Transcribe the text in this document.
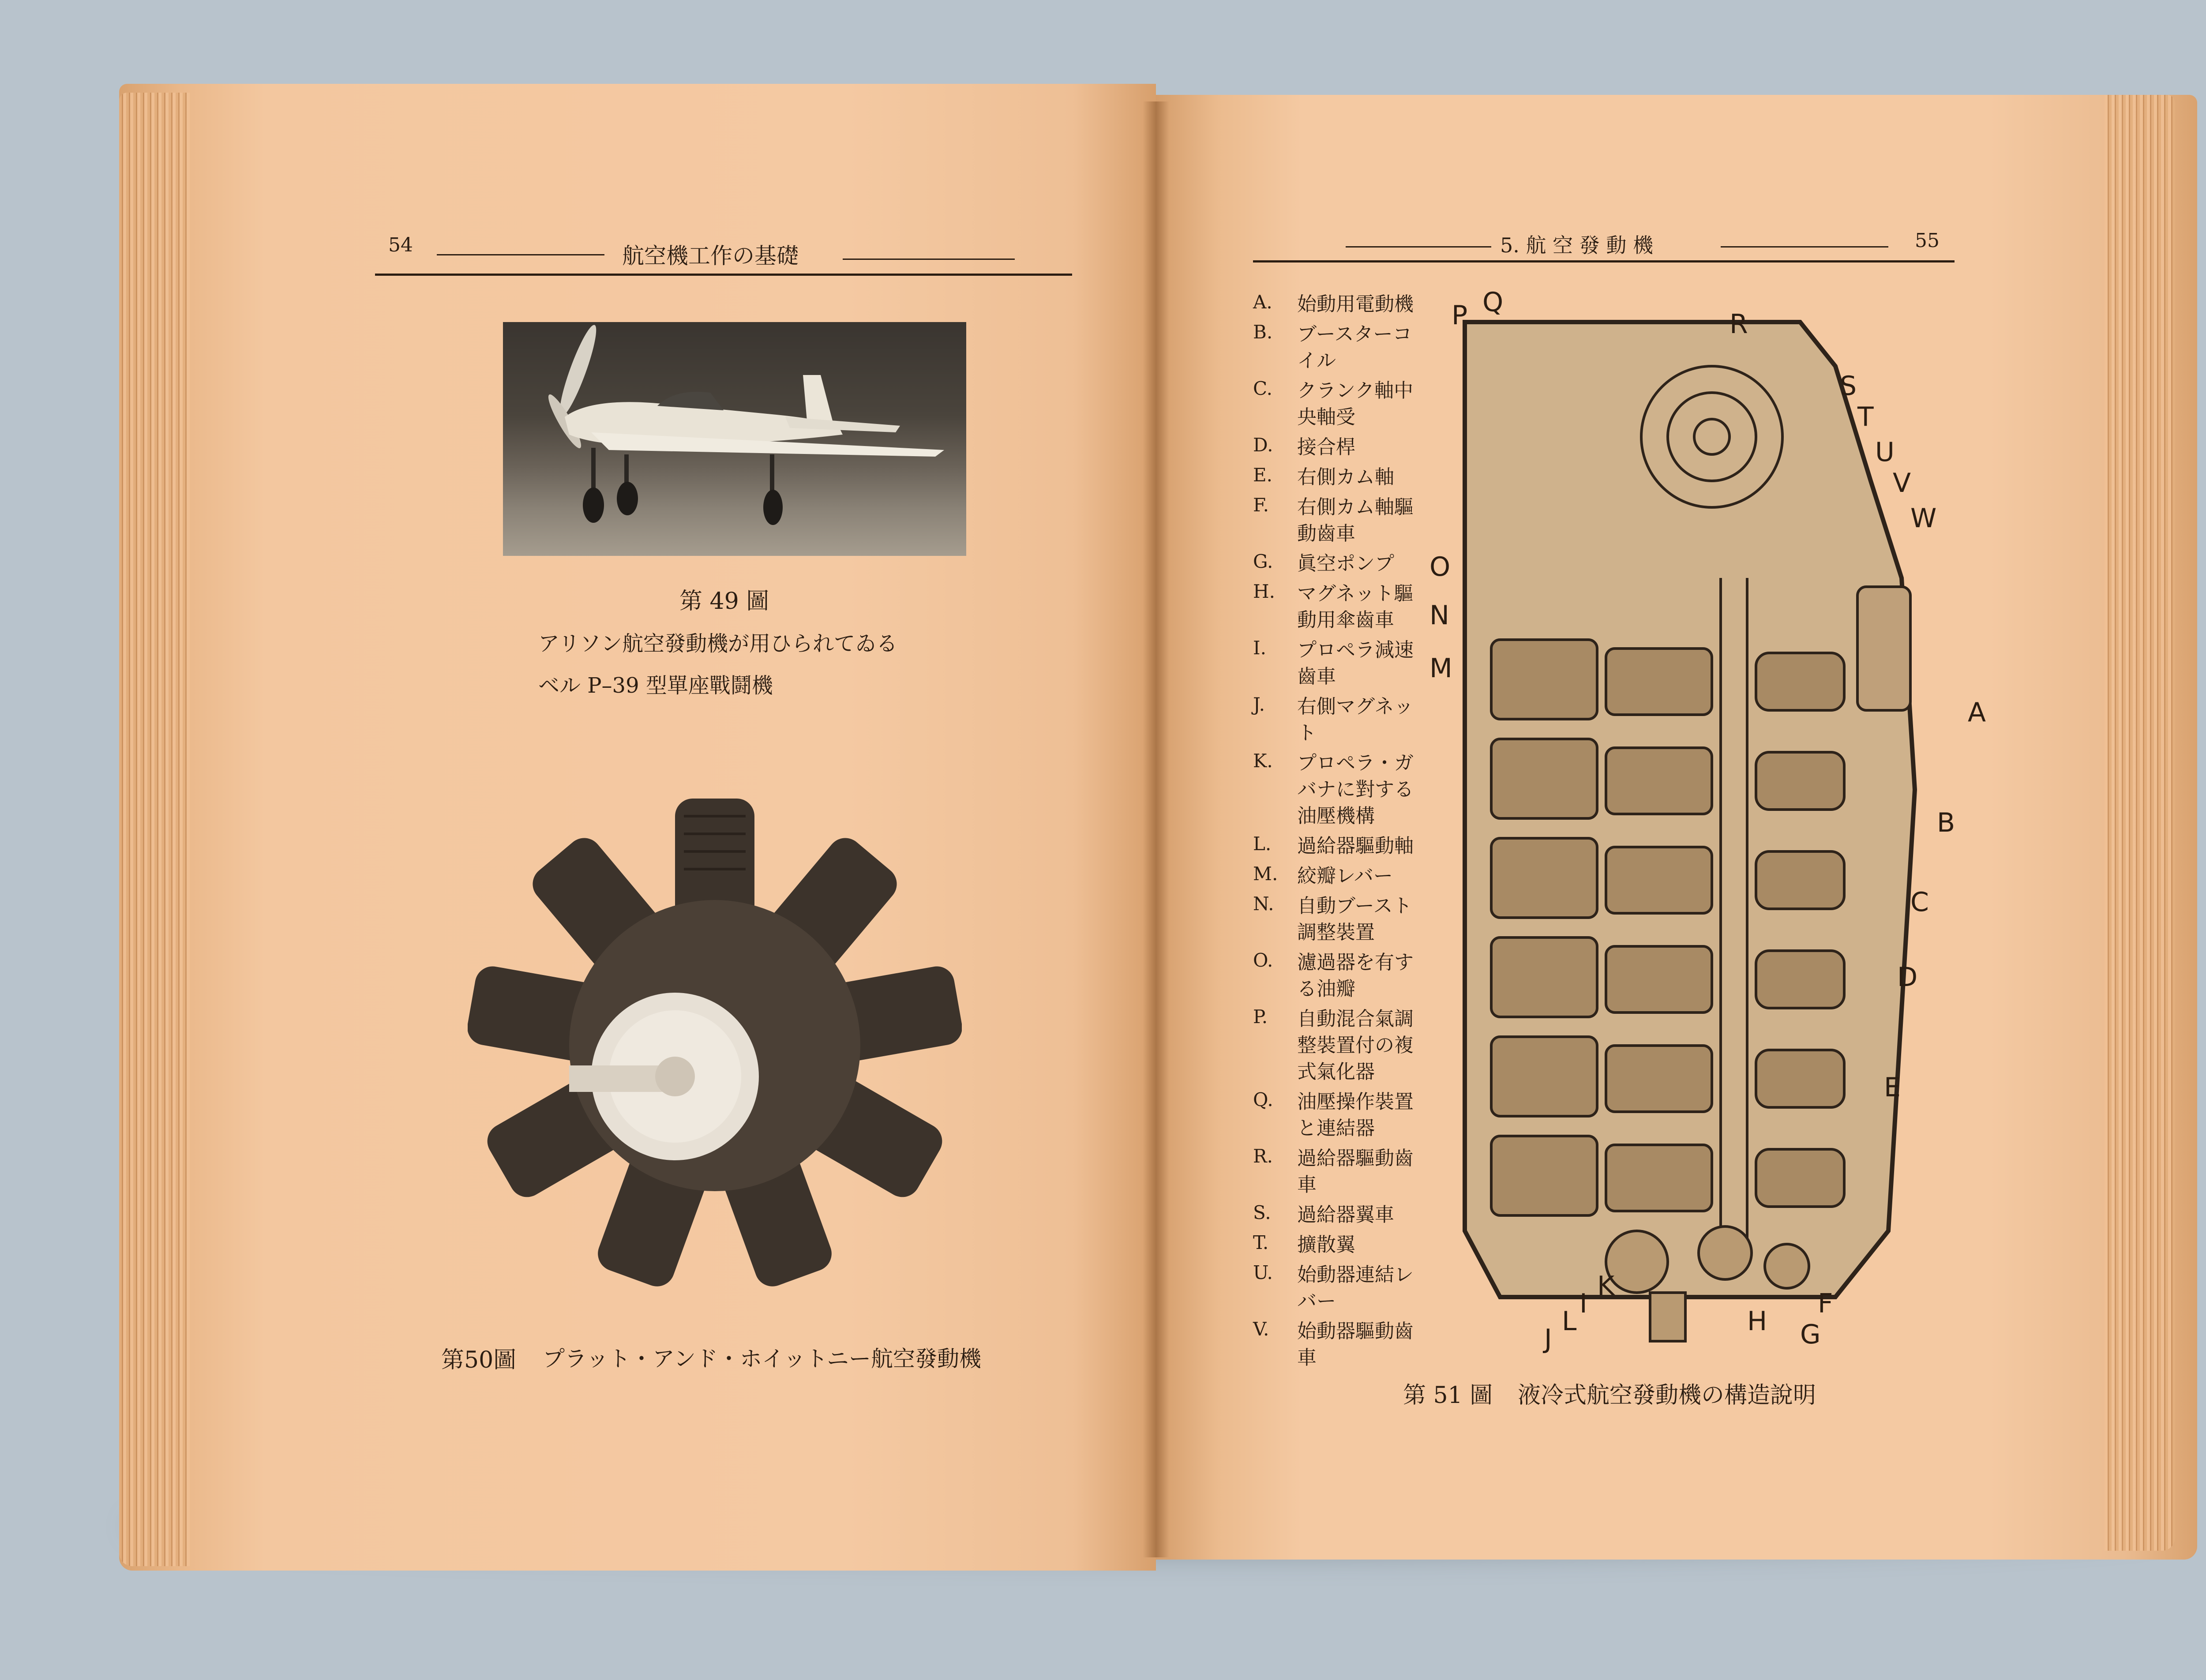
54	航空機工作の基礎
第 49 圖
アリソン航空發動機が用ひられてゐる
ベル P–39 型單座戰鬪機
第50圖 プラット・アンド・ホイットニー航空發動機
5. 航 空 發 動 機	55
A.	始動用電動機
B.	ブースターコイル
C.	クランク軸中央軸受
D.	接合桿
E.	右側カム軸
F.	右側カム軸驅動齒車
G.	眞空ポンプ
H.	マグネット驅動用傘齒車
I.	プロペラ減速齒車
J.	右側マグネット
K.	プロペラ・ガバナに對する油壓機構
L.	過給器驅動軸
M. 絞瓣レバー
N.	自動ブースト調整裝置
O.	濾過器を有する油瓣
P.	自動混合氣調整裝置付の複式氣化器
Q.	油壓操作裝置と連結器
R.	過給器驅動齒車
S.	過給器翼車
T.	擴散翼
U.	始動器連結レバー
V.	始動器驅動齒車
P Q
R
S
T
U
V
W
O
N
M
A
B
C
D
E
F
G
H
K
I
L
J
第 51 圖 液冷式航空發動機の構造說明
